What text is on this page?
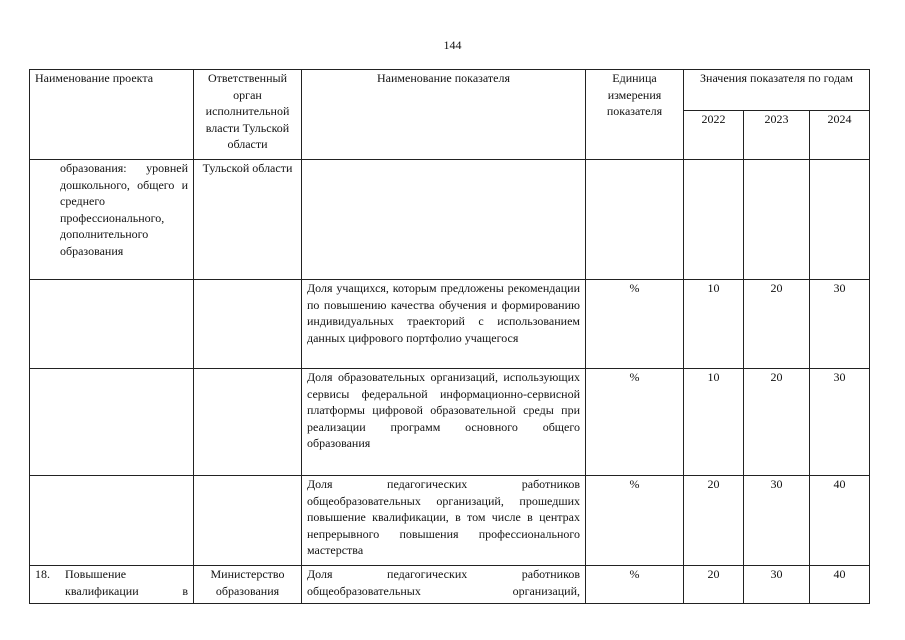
144
Наименование проекта	Ответственный орган исполнительной власти Тульской области	Наименование показателя	Единица измерения показателя	Значения показателя по годам		
				2022	2023	2024
образования: уровней дошкольного, общего и среднего профессионального, дополнительного образования	Тульской области					
		Доля учащихся, которым предложены рекомендации по повышению качества обучения и формированию индивидуальных траекторий с использованием данных цифрового портфолио учащегося	%	10	20	30
		Доля образовательных организаций, использующих сервисы федеральной информационно-сервисной платформы цифровой образовательной среды при реализации программ основного общего образования	%	10	20	30
		Доля педагогических работников общеобразовательных организаций, прошедших повышение квалификации, в том числе в центрах непрерывного повышения профессионального мастерства	%	20	30	40

18. Повышение
квалификации в	Министерство образования	Доля педагогических работников общеобразовательных организаций,	%	20	30	40
